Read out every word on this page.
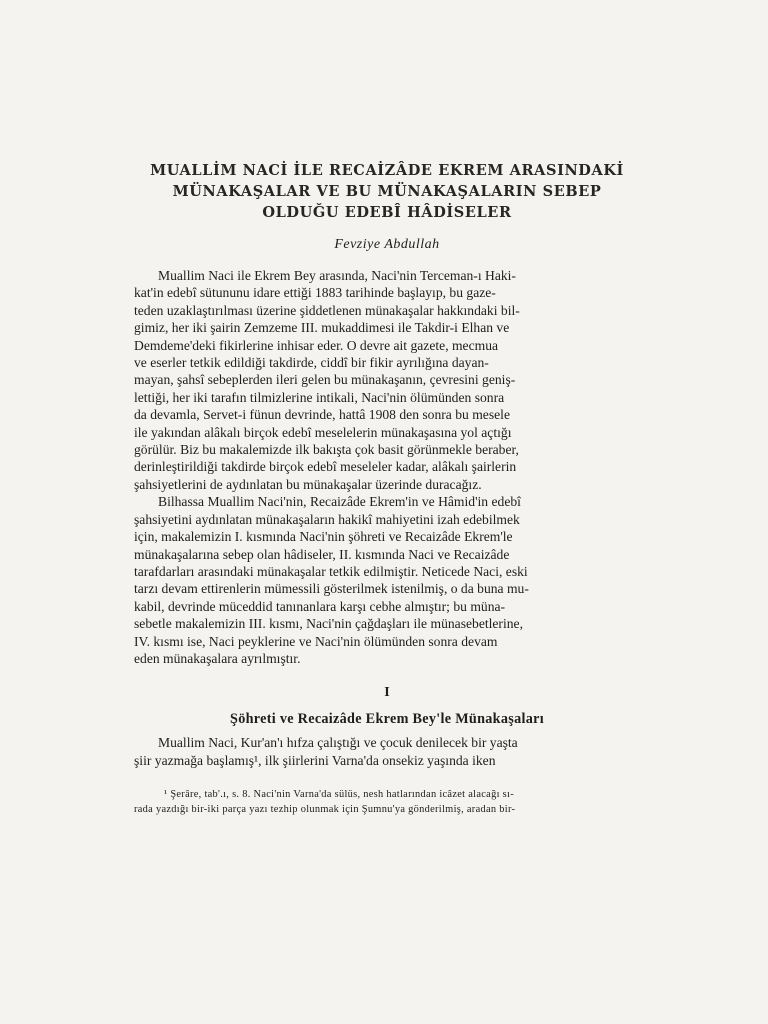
MUALLİM NACİ İLE RECAİZÂDE EKREM ARASINDAKİ
MÜNAKAŞALAR VE BU MÜNAKAŞALARIN SEBEP
OLDUĞU EDEBÎ HÂDİSELER
Fevziye Abdullah

Muallim Naci ile Ekrem Bey arasında, Naci'nin Terceman-ı Haki-
kat'in edebî sütununu idare ettiği 1883 tarihinde başlayıp, bu gaze-
teden uzaklaştırılması üzerine şiddetlenen münakaşalar hakkındaki bil-
gimiz, her iki şairin Zemzeme III. mukaddimesi ile Takdir-i Elhan ve
Demdeme'deki fikirlerine inhisar eder. O devre ait gazete, mecmua
ve eserler tetkik edildiği takdirde, ciddî bir fikir ayrılığına dayan-
mayan, şahsî sebeplerden ileri gelen bu münakaşanın, çevresini geniş-
lettiği, her iki tarafın tilmizlerine intikali, Naci'nin ölümünden sonra
da devamla, Servet-i fünun devrinde, hattâ 1908 den sonra bu mesele
ile yakından alâkalı birçok edebî meselelerin münakaşasına yol açtığı
görülür. Biz bu makalemizde ilk bakışta çok basit görünmekle beraber,
derinleştirildiği takdirde birçok edebî meseleler kadar, alâkalı şairlerin
şahsiyetlerini de aydınlatan bu münakaşalar üzerinde duracağız.

Bilhassa Muallim Naci'nin, Recaizâde Ekrem'in ve Hâmid'in edebî
şahsiyetini aydınlatan münakaşaların hakikî mahiyetini izah edebilmek
için, makalemizin I. kısmında Naci'nin şöhreti ve Recaizâde Ekrem'le
münakaşalarına sebep olan hâdiseler, II. kısmında Naci ve Recaizâde
tarafdarları arasındaki münakaşalar tetkik edilmiştir. Neticede Naci, eski
tarzı devam ettirenlerin mümessili gösterilmek istenilmiş, o da buna mu-
kabil, devrinde müceddid tanınanlara karşı cebhe almıştır; bu müna-
sebetle makalemizin III. kısmı, Naci'nin çağdaşları ile münasebetlerine,
IV. kısmı ise, Naci peyklerine ve Naci'nin ölümünden sonra devam
eden münakaşalara ayrılmıştır.

I
Şöhreti ve Recaizâde Ekrem Bey'le Münakaşaları

Muallim Naci, Kur'an'ı hıfza çalıştığı ve çocuk denilecek bir yaşta
şiir yazmağa başlamış¹, ilk şiirlerini Varna'da onsekiz yaşında iken

¹ Şerâre, tab'.ı, s. 8. Naci'nin Varna'da sülüs, nesh hatlarından icâzet alacağı sı-
rada yazdığı bir-iki parça yazı tezhip olunmak için Şumnu'ya gönderilmiş, aradan bir-
